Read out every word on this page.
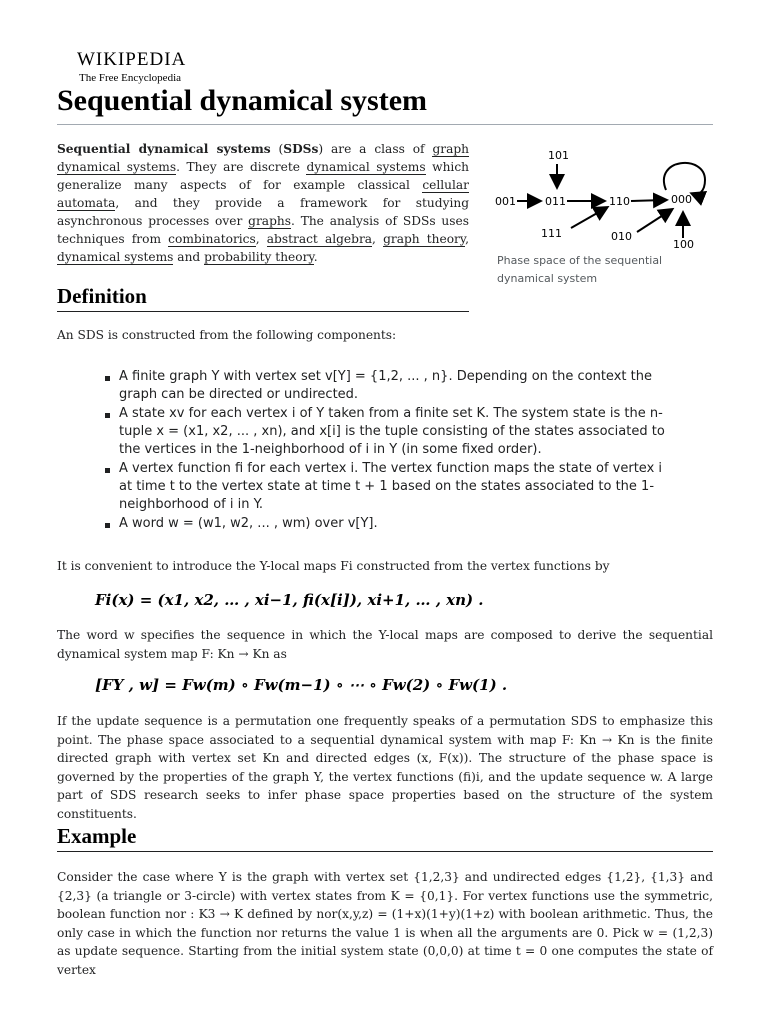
WIKIPEDIA
The Free Encyclopedia
Sequential dynamical system
Sequential dynamical systems (SDSs) are a class of graph dynamical systems. They are discrete dynamical systems which generalize many aspects of for example classical cellular automata, and they provide a framework for studying asynchronous processes over graphs. The analysis of SDSs uses techniques from combinatorics, abstract algebra, graph theory, dynamical systems and probability theory.
101
001	011	110	000
111	010
100
Phase space of the sequential dynamical system
Definition
An SDS is constructed from the following components:
A finite graph Y with vertex set v[Y] = {1,2, ... , n}. Depending on the context the graph can be directed or undirected.
A state xv for each vertex i of Y taken from a finite set K. The system state is the n-tuple x = (x1, x2, ... , xn), and x[i] is the tuple consisting of the states associated to the vertices in the 1-neighborhood of i in Y (in some fixed order).
A vertex function fi for each vertex i. The vertex function maps the state of vertex i at time t to the vertex state at time t + 1 based on the states associated to the 1-neighborhood of i in Y.
A word w = (w1, w2, ... , wm) over v[Y].
It is convenient to introduce the Y-local maps Fi constructed from the vertex functions by
Fi(x) = (x1, x2, … , xi−1, fi(x[i]), xi+1, … , xn) .
The word w specifies the sequence in which the Y-local maps are composed to derive the sequential dynamical system map F: Kn → Kn as
[FY , w] = Fw(m) ∘ Fw(m−1) ∘ ⋯ ∘ Fw(2) ∘ Fw(1) .
If the update sequence is a permutation one frequently speaks of a permutation SDS to emphasize this point. The phase space associated to a sequential dynamical system with map F: Kn → Kn is the finite directed graph with vertex set Kn and directed edges (x, F(x)). The structure of the phase space is governed by the properties of the graph Y, the vertex functions (fi)i, and the update sequence w. A large part of SDS research seeks to infer phase space properties based on the structure of the system constituents.
Example
Consider the case where Y is the graph with vertex set {1,2,3} and undirected edges {1,2}, {1,3} and {2,3} (a triangle or 3-circle) with vertex states from K = {0,1}. For vertex functions use the symmetric, boolean function nor : K3 → K defined by nor(x,y,z) = (1+x)(1+y)(1+z) with boolean arithmetic. Thus, the only case in which the function nor returns the value 1 is when all the arguments are 0. Pick w = (1,2,3) as update sequence. Starting from the initial system state (0,0,0) at time t = 0 one computes the state of vertex
